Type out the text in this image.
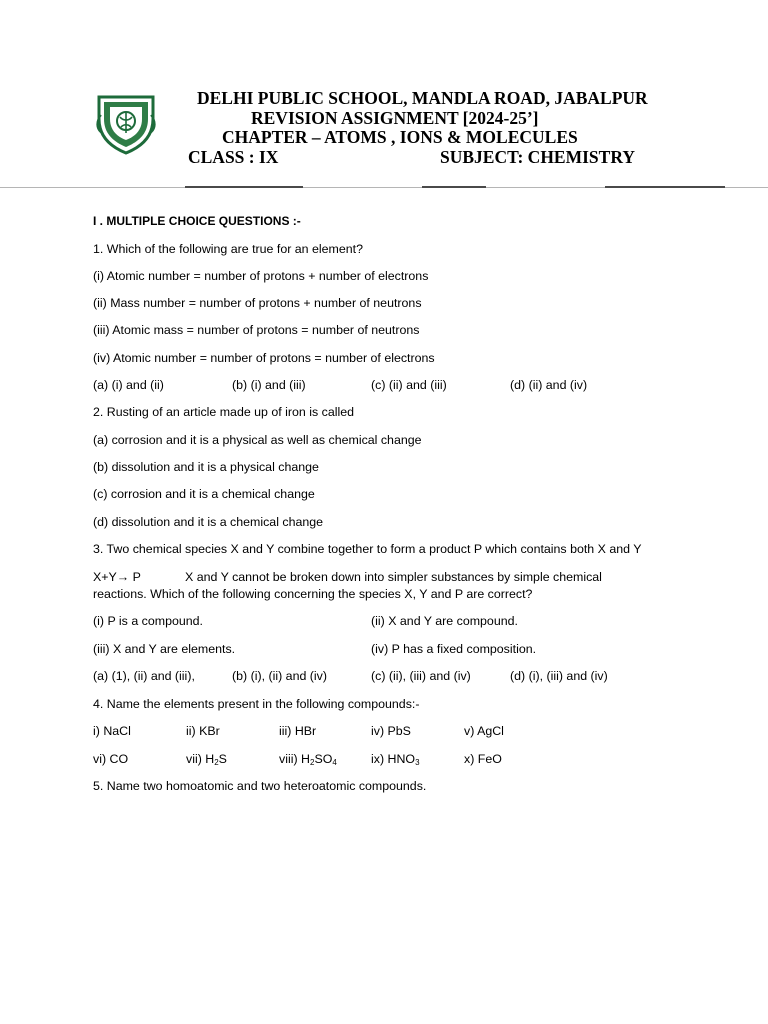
DELHI PUBLIC SCHOOL, MANDLA ROAD, JABALPUR
REVISION ASSIGNMENT [2024-25’]
CHAPTER – ATOMS , IONS & MOLECULES
CLASS : IX	SUBJECT: CHEMISTRY
I . MULTIPLE CHOICE QUESTIONS :-
1. Which of the following are true for an element?
(i) Atomic number = number of protons + number of electrons
(ii) Mass number = number of protons + number of neutrons
(iii) Atomic mass = number of protons = number of neutrons
(iv) Atomic number = number of protons = number of electrons
(a) (i) and (ii)	(b) (i) and (iii)	(c) (ii) and (iii)	(d) (ii) and (iv)
2. Rusting of an article made up of iron is called
(a) corrosion and it is a physical as well as chemical change
(b) dissolution and it is a physical change
(c) corrosion and it is a chemical change
(d) dissolution and it is a chemical change
3. Two chemical species X and Y combine together to form a product P which contains both X and Y
X+Y→ P	X and Y cannot be broken down into simpler substances by simple chemical
reactions. Which of the following concerning the species X, Y and P are correct?
(i) P is a compound.	(ii) X and Y are compound.
(iii) X and Y are elements.	(iv) P has a fixed composition.
(a) (1), (ii) and (iii),	(b) (i), (ii) and (iv)	(c) (ii), (iii) and (iv)	(d) (i), (iii) and (iv)
4. Name the elements present in the following compounds:-
i) NaCl	ii) KBr	iii) HBr	iv) PbS	v) AgCl
vi) CO	vii) $H_2S$	viii) $H_2SO_4$	ix) $HNO_3$	x) FeO
5. Name two homoatomic and two heteroatomic compounds.
